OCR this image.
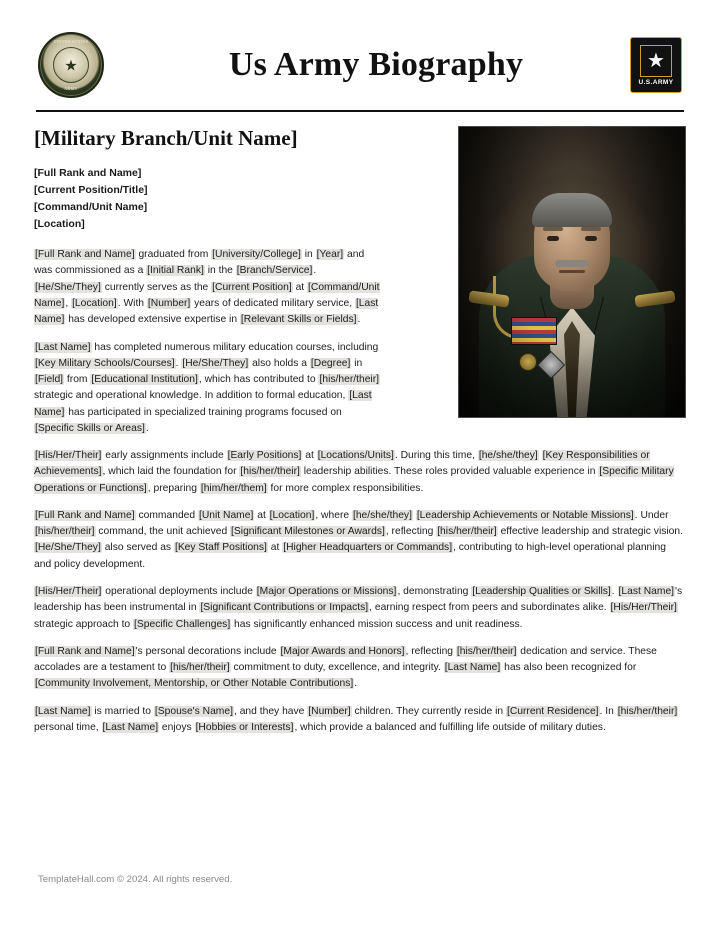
UNITED STATES
★
ARMY
Us Army Biography	★
U.S.ARMY
[Military Branch/Unit Name]
[Full Rank and Name]
[Current Position/Title]
[Command/Unit Name]
[Location]

[Full Rank and Name] graduated from [University/College] in [Year] and was commissioned as a [Initial Rank] in the [Branch/Service]. [He/She/They] currently serves as the [Current Position] at [Command/Unit Name], [Location]. With [Number] years of dedicated military service, [Last Name] has developed extensive expertise in [Relevant Skills or Fields].

[Last Name] has completed numerous military education courses, including [Key Military Schools/Courses]. [He/She/They] also holds a [Degree] in [Field] from [Educational Institution], which has contributed to [his/her/their] strategic and operational knowledge. In addition to formal education, [Last Name] has participated in specialized training programs focused on [Specific Skills or Areas].

[His/Her/Their] early assignments include [Early Positions] at [Locations/Units]. During this time, [he/she/they] [Key Responsibilities or Achievements], which laid the foundation for [his/her/their] leadership abilities. These roles provided valuable experience in [Specific Military Operations or Functions], preparing [him/her/them] for more complex responsibilities.

[Full Rank and Name] commanded [Unit Name] at [Location], where [he/she/they] [Leadership Achievements or Notable Missions]. Under [his/her/their] command, the unit achieved [Significant Milestones or Awards], reflecting [his/her/their] effective leadership and strategic vision. [He/She/They] also served as [Key Staff Positions] at [Higher Headquarters or Commands], contributing to high-level operational planning and policy development.

[His/Her/Their] operational deployments include [Major Operations or Missions], demonstrating [Leadership Qualities or Skills]. [Last Name]'s leadership has been instrumental in [Significant Contributions or Impacts], earning respect from peers and subordinates alike. [His/Her/Their] strategic approach to [Specific Challenges] has significantly enhanced mission success and unit readiness.

[Full Rank and Name]'s personal decorations include [Major Awards and Honors], reflecting [his/her/their] dedication and service. These accolades are a testament to [his/her/their] commitment to duty, excellence, and integrity. [Last Name] has also been recognized for [Community Involvement, Mentorship, or Other Notable Contributions].

[Last Name] is married to [Spouse's Name], and they have [Number] children. They currently reside in [Current Residence]. In [his/her/their] personal time, [Last Name] enjoys [Hobbies or Interests], which provide a balanced and fulfilling life outside of military duties.

TemplateHall.com © 2024. All rights reserved.
